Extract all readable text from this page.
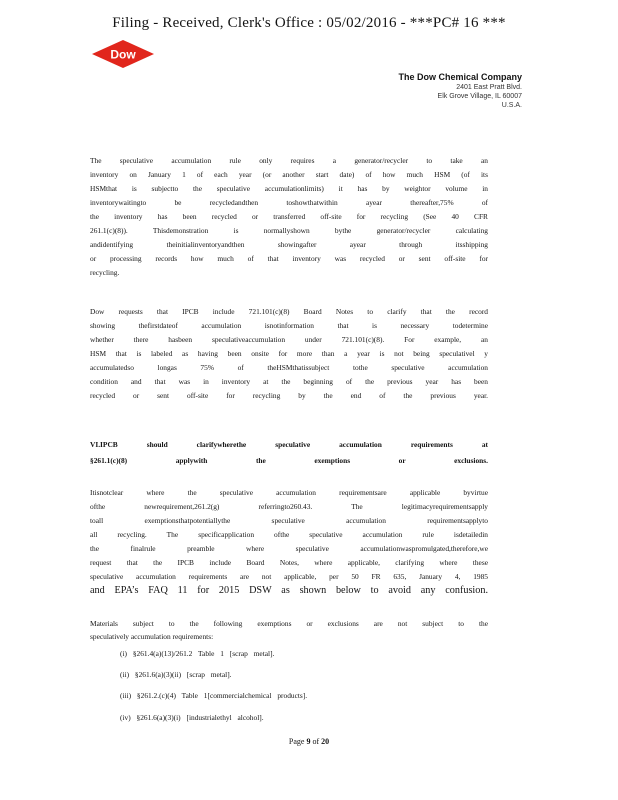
Filing - Received, Clerk's Office : 05/02/2016 - ***PC# 16 ***
Dow
The Dow Chemical Company
2401 East Pratt Blvd.
Elk Grove Village, IL 60007
U.S.A.
The speculative accumulation rule only requires a generator/recycler to take an
inventory on January 1 of each year (or another start date) of how much HSM (of its
HSMthat is subjectto the speculative accumulationlimits) it has by weightor volume in
inventorywaitingto be recycledandthen toshowthatwithin ayear thereafter,75% of
the inventory has been recycled or transferred off-site for recycling (See 40 CFR
261.1(c)(8)). Thisdemonstration is normallyshown bythe generator/recycler calculating
andidentifying theinitialinventoryandthen showingafter ayear through itsshipping
or processing records how much of that inventory was recycled or sent off-site for
recycling.
Dow requests that IPCB include 721.101(c)(8) Board Notes to clarify that the record
showing thefirstdateof accumulation isnotinformation that is necessary todetermine
whether there hasbeen speculativeaccumulation under 721.101(c)(8). For example, an
HSM that is labeled as having been onsite for more than a year is not being speculativel y
accumulatedso longas 75% of theHSMthatissubject tothe speculative accumulation
condition and that was in inventory at the beginning of the previous year has been
recycled or sent off-site for recycling by the end of the previous year.
VI.IPCB should clarifywherethe speculative accumulation requirements at
§261.1(c)(8) applywith the exemptions or exclusions.
Itisnotclear where the speculative accumulation requirementsare applicable byvirtue
ofthe newrequirement,261.2(g) referringto260.43. The legitimacyrequirementsapply
toall exemptionsthatpotentiallythe speculative accumulation requirementsapplyto
all recycling. The specificapplication ofthe speculative accumulation rule isdetailedin
the finalrule preamble where speculative accumulationwaspromulgated,therefore,we
request that the IPCB include Board Notes, where applicable, clarifying where these
speculative accumulation requirements are not applicable, per 50 FR 635, January 4, 1985
and EPA’s FAQ 11 for 2015 DSW as shown below to avoid any confusion.
Materials subject to the following exemptions or exclusions are not subject to the
speculatively accumulation requirements:
(i) §261.4(a)(13)/261.2 Table 1 [scrap metal].
(ii) §261.6(a)(3)(ii) [scrap metal].
(iii) §261.2.(c)(4) Table 1[commercialchemical products].
(iv) §261.6(a)(3)(i) [industrialethyl alcohol].
Page 9 of 20
